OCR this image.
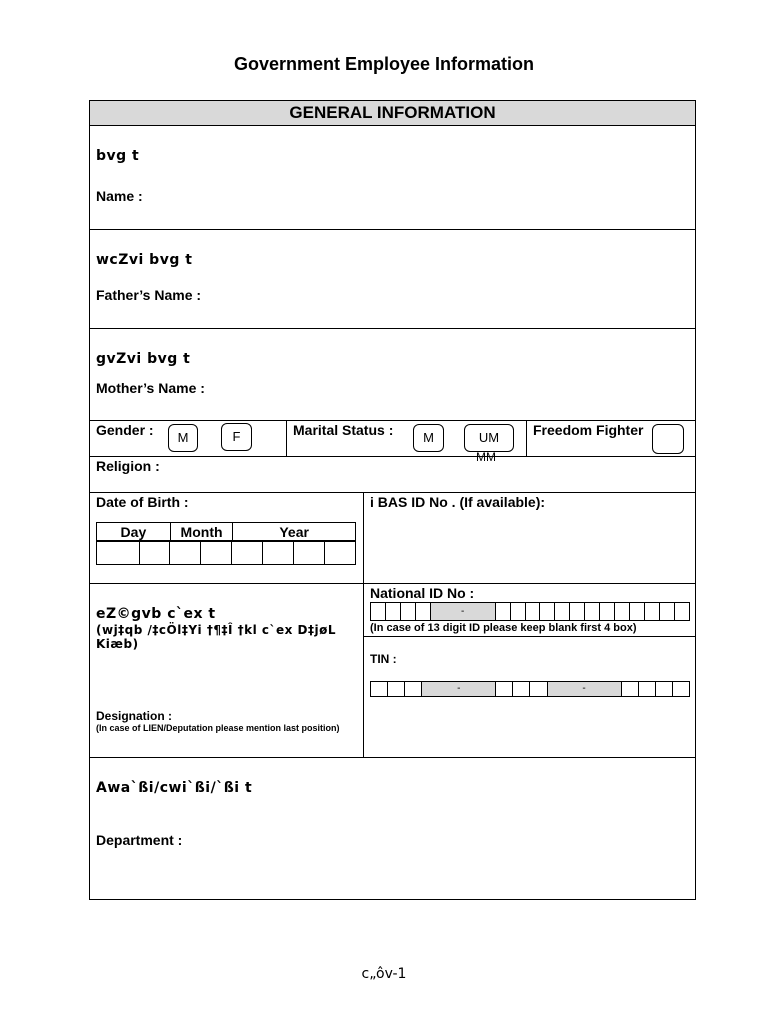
Government Employee Information
GENERAL INFORMATION
bvg t
Name :
wcZvi bvg t
Father’s Name :
gvZvi bvg t
Mother’s Name :
Gender :	M	F	Marital Status :	M	UM
MM
Freedom Fighter
Religion :
Date of Birth :
Day	Month	Year

i BAS ID No . (If available):
National ID No :
				-													
(In case of 13 digit ID please keep blank first 4 box)
eZ©gvb c`ex t
(wj‡qb /‡cÖl‡Yi †¶‡Î †kl c`ex D‡jøL Kiæb)
Designation :
(In case of LIEN/Deputation please mention last position)
TIN :
			-				-				
Awa`ßi/cwi`ßi/`ßi t
Department :
c„ôv-1
